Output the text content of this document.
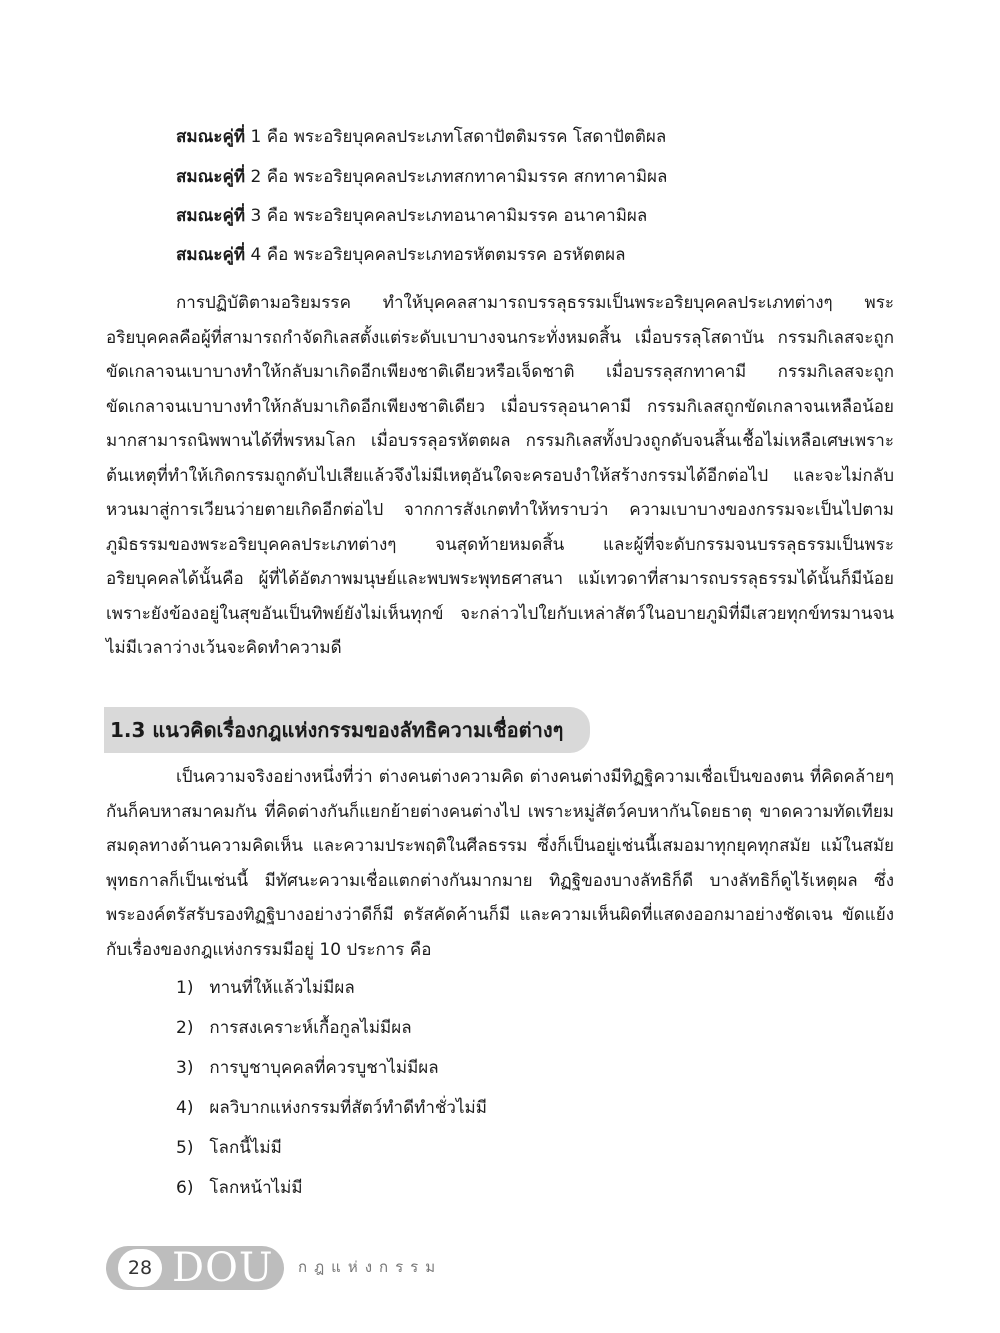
สมณะคู่ที่ 1 คือ พระอริยบุคคลประเภทโสดาปัตติมรรค โสดาปัตติผล
สมณะคู่ที่ 2 คือ พระอริยบุคคลประเภทสกทาคามิมรรค สกทาคามิผล
สมณะคู่ที่ 3 คือ พระอริยบุคคลประเภทอนาคามิมรรค อนาคามิผล
สมณะคู่ที่ 4 คือ พระอริยบุคคลประเภทอรหัตตมรรค อรหัตตผล

การปฏิบัติตามอริยมรรค ทำให้บุคคลสามารถบรรลุธรรมเป็นพระอริยบุคคลประเภทต่างๆ พระอริยบุคคลคือผู้ที่สามารถกำจัดกิเลสตั้งแต่ระดับเบาบางจนกระทั่งหมดสิ้น เมื่อบรรลุโสดาบัน กรรมกิเลสจะถูกขัดเกลาจนเบาบางทำให้กลับมาเกิดอีกเพียงชาติเดียวหรือเจ็ดชาติ เมื่อบรรลุสกทาคามี กรรมกิเลสจะถูกขัดเกลาจนเบาบางทำให้กลับมาเกิดอีกเพียงชาติเดียว เมื่อบรรลุอนาคามี กรรมกิเลสถูกขัดเกลาจนเหลือน้อยมากสามารถนิพพานได้ที่พรหมโลก เมื่อบรรลุอรหัตตผล กรรมกิเลสทั้งปวงถูกดับจนสิ้นเชื้อไม่เหลือเศษเพราะต้นเหตุที่ทำให้เกิดกรรมถูกดับไปเสียแล้วจึงไม่มีเหตุอันใดจะครอบงำให้สร้างกรรมได้อีกต่อไป และจะไม่กลับหวนมาสู่การเวียนว่ายตายเกิดอีกต่อไป จากการสังเกตทำให้ทราบว่า ความเบาบางของกรรมจะเป็นไปตามภูมิธรรมของพระอริยบุคคลประเภทต่างๆ จนสุดท้ายหมดสิ้น และผู้ที่จะดับกรรมจนบรรลุธรรมเป็นพระอริยบุคคลได้นั้นคือ ผู้ที่ได้อัตภาพมนุษย์และพบพระพุทธศาสนา แม้เทวดาที่สามารถบรรลุธรรมได้นั้นก็มีน้อยเพราะยังข้องอยู่ในสุขอันเป็นทิพย์ยังไม่เห็นทุกข์ จะกล่าวไปใยกับเหล่าสัตว์ในอบายภูมิที่มีเสวยทุกข์ทรมานจนไม่มีเวลาว่างเว้นจะคิดทำความดี

1.3 แนวคิดเรื่องกฎแห่งกรรมของลัทธิความเชื่อต่างๆ

เป็นความจริงอย่างหนึ่งที่ว่า ต่างคนต่างความคิด ต่างคนต่างมีทิฏฐิความเชื่อเป็นของตน ที่คิดคล้ายๆ กันก็คบหาสมาคมกัน ที่คิดต่างกันก็แยกย้ายต่างคนต่างไป เพราะหมู่สัตว์คบหากันโดยธาตุ ขาดความทัดเทียมสมดุลทางด้านความคิดเห็น และความประพฤติในศีลธรรม ซึ่งก็เป็นอยู่เช่นนี้เสมอมาทุกยุคทุกสมัย แม้ในสมัยพุทธกาลก็เป็นเช่นนี้ มีทัศนะความเชื่อแตกต่างกันมากมาย ทิฏฐิของบางลัทธิก็ดี บางลัทธิก็ดูไร้เหตุผล ซึ่งพระองค์ตรัสรับรองทิฏฐิบางอย่างว่าดีก็มี ตรัสคัดค้านก็มี และความเห็นผิดที่แสดงออกมาอย่างชัดเจน ขัดแย้งกับเรื่องของกฎแห่งกรรมมีอยู่ 10 ประการ คือ

1) ทานที่ให้แล้วไม่มีผล
2) การสงเคราะห์เกื้อกูลไม่มีผล
3) การบูชาบุคคลที่ควรบูชาไม่มีผล
4) ผลวิบากแห่งกรรมที่สัตว์ทำดีทำชั่วไม่มี
5) โลกนี้ไม่มี
6) โลกหน้าไม่มี
28 DOU กฎแห่งกรรม
